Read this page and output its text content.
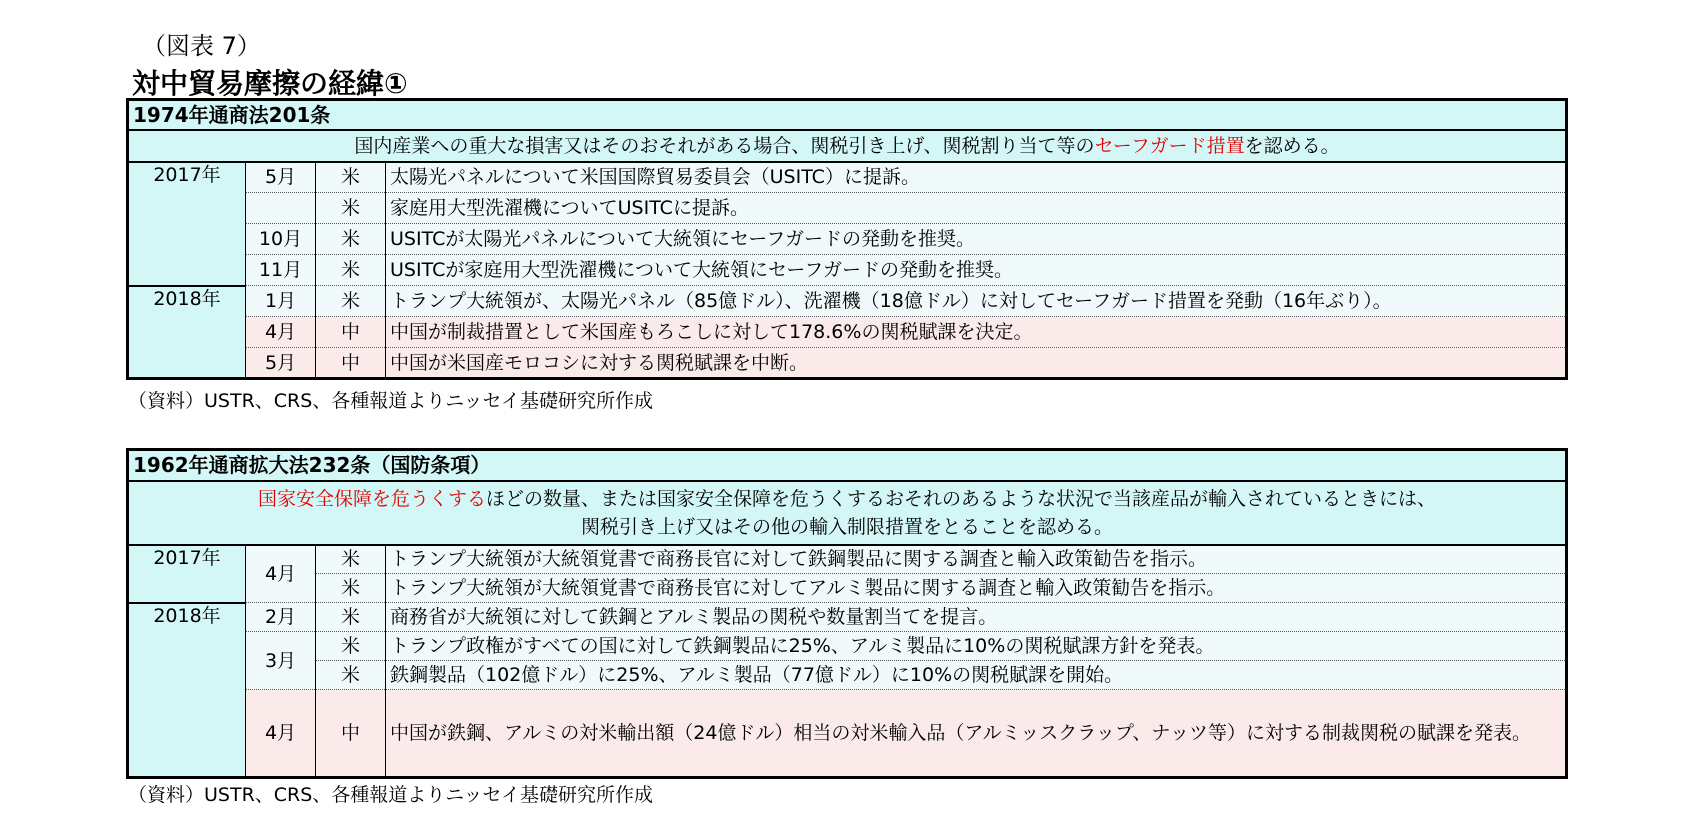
（図表 7）
対中貿易摩擦の経緯①
1974年通商法201条			
国内産業への重大な損害又はそのおそれがある場合、関税引き上げ、関税割り当て等のセーフガード措置を認める。			
2017年	5月	米	太陽光パネルについて米国国際貿易委員会（USITC）に提訴。
		米	家庭用大型洗濯機についてUSITCに提訴。
	10月	米	USITCが太陽光パネルについて大統領にセーフガードの発動を推奨。
	11月	米	USITCが家庭用大型洗濯機について大統領にセーフガードの発動を推奨。
2018年	1月	米	トランプ大統領が、太陽光パネル（85億ドル）、洗濯機（18億ドル）に対してセーフガード措置を発動（16年ぶり）。
	4月	中	中国が制裁措置として米国産もろこしに対して178.6%の関税賦課を決定。
	5月	中	中国が米国産モロコシに対する関税賦課を中断。
（資料）USTR、CRS、各種報道よりニッセイ基礎研究所作成
1962年通商拡大法232条（国防条項）			
国家安全保障を危うくするほどの数量、または国家安全保障を危うくするおそれのあるような状況で当該産品が輸入されているときには、
関税引き上げ又はその他の輸入制限措置をとることを認める。			
2017年	4月	米	トランプ大統領が大統領覚書で商務長官に対して鉄鋼製品に関する調査と輸入政策勧告を指示。
		米	トランプ大統領が大統領覚書で商務長官に対してアルミ製品に関する調査と輸入政策勧告を指示。
2018年	2月	米	商務省が大統領に対して鉄鋼とアルミ製品の関税や数量割当てを提言。
	3月	米	トランプ政権がすべての国に対して鉄鋼製品に25%、アルミ製品に10%の関税賦課方針を発表。
		米	鉄鋼製品（102億ドル）に25%、アルミ製品（77億ドル）に10%の関税賦課を開始。
	4月	中	中国が鉄鋼、アルミの対米輸出額（24億ドル）相当の対米輸入品（アルミッスクラップ、ナッツ等）に対する制裁関税の賦課を発表。
（資料）USTR、CRS、各種報道よりニッセイ基礎研究所作成
